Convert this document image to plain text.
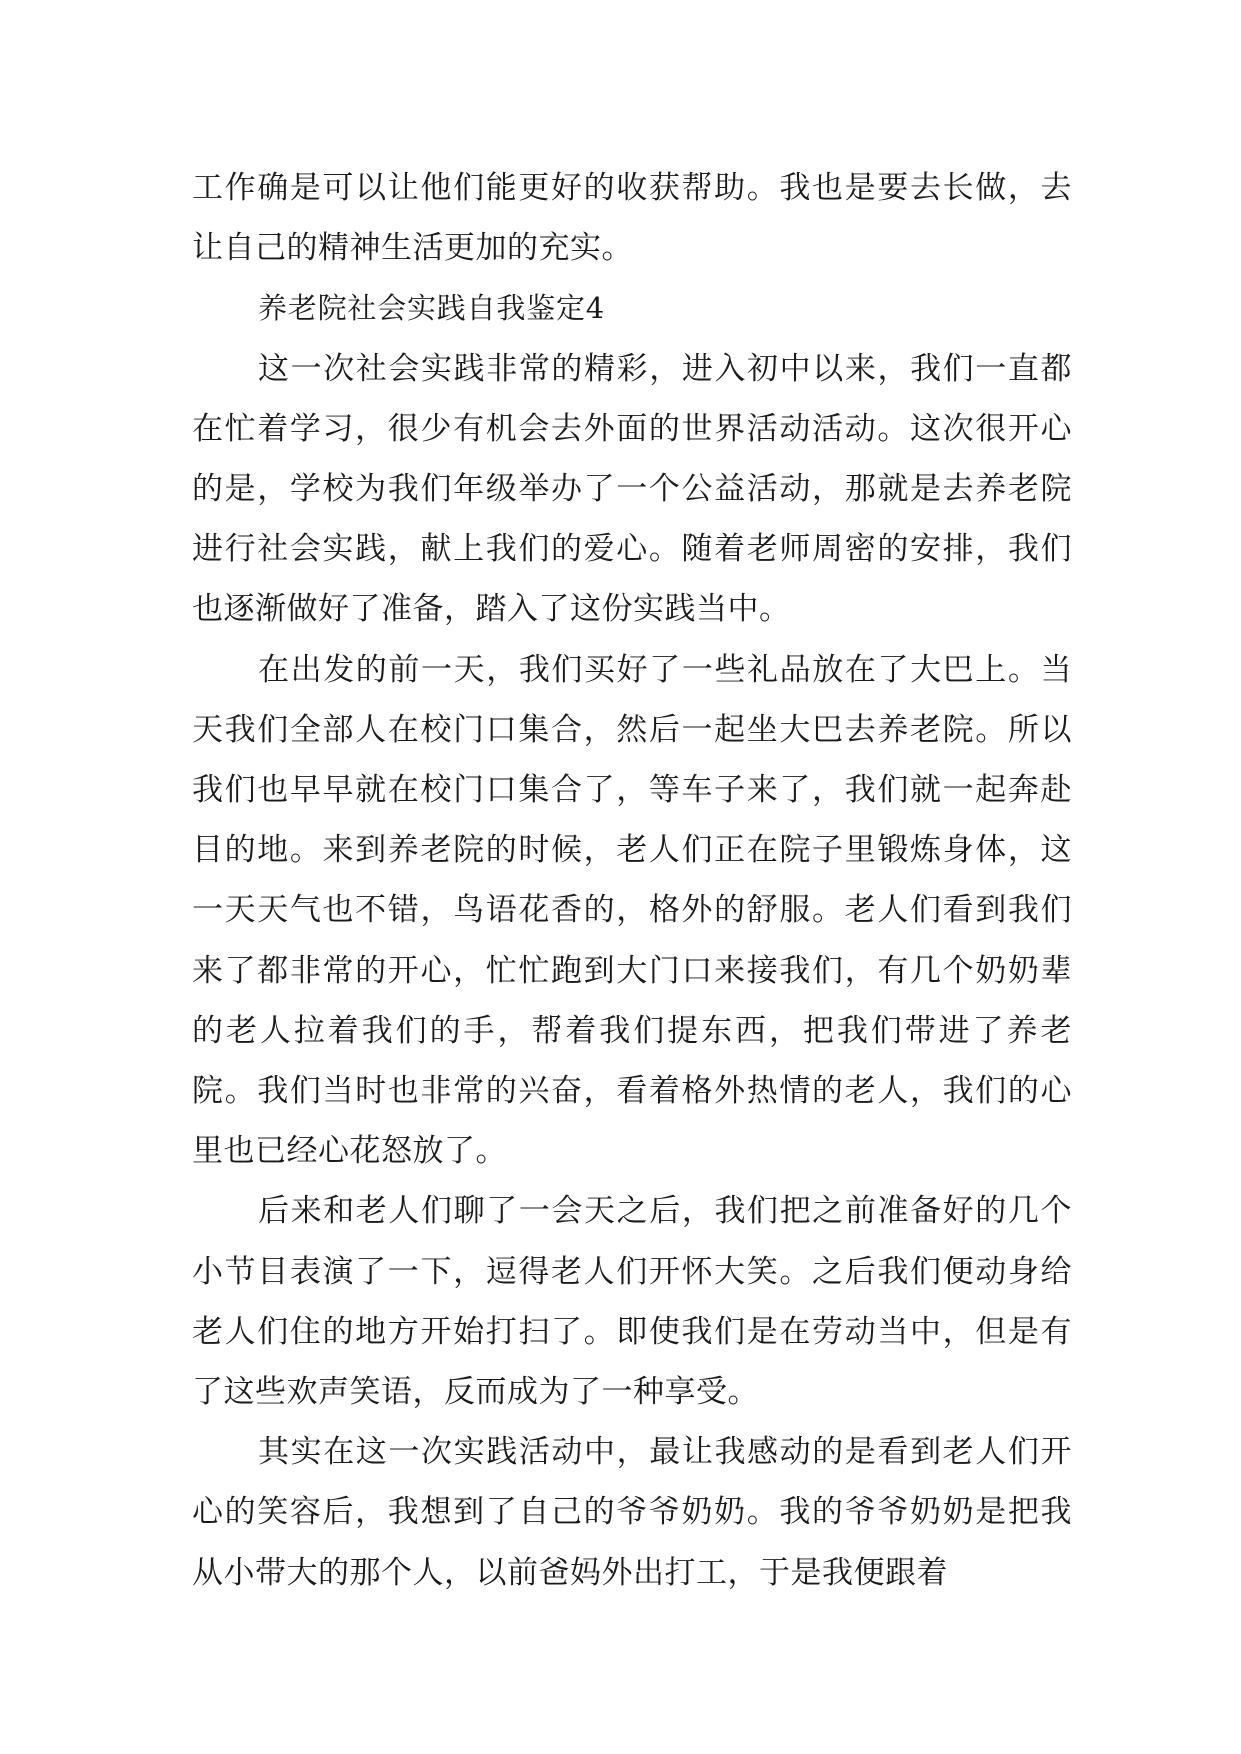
工作确是可以让他们能更好的收获帮助。我也是要去长做，去让自己的精神生活更加的充实。

养老院社会实践自我鉴定4

这一次社会实践非常的精彩，进入初中以来，我们一直都在忙着学习，很少有机会去外面的世界活动活动。这次很开心的是，学校为我们年级举办了一个公益活动，那就是去养老院进行社会实践，献上我们的爱心。随着老师周密的安排，我们也逐渐做好了准备，踏入了这份实践当中。

在出发的前一天，我们买好了一些礼品放在了大巴上。当天我们全部人在校门口集合，然后一起坐大巴去养老院。所以我们也早早就在校门口集合了，等车子来了，我们就一起奔赴目的地。来到养老院的时候，老人们正在院子里锻炼身体，这一天天气也不错，鸟语花香的，格外的舒服。老人们看到我们来了都非常的开心，忙忙跑到大门口来接我们，有几个奶奶辈的老人拉着我们的手，帮着我们提东西，把我们带进了养老院。我们当时也非常的兴奋，看着格外热情的老人，我们的心里也已经心花怒放了。

后来和老人们聊了一会天之后，我们把之前准备好的几个小节目表演了一下，逗得老人们开怀大笑。之后我们便动身给老人们住的地方开始打扫了。即使我们是在劳动当中，但是有了这些欢声笑语，反而成为了一种享受。

其实在这一次实践活动中，最让我感动的是看到老人们开心的笑容后，我想到了自己的爷爷奶奶。我的爷爷奶奶是把我从小带大的那个人，以前爸妈外出打工，于是我便跟着
